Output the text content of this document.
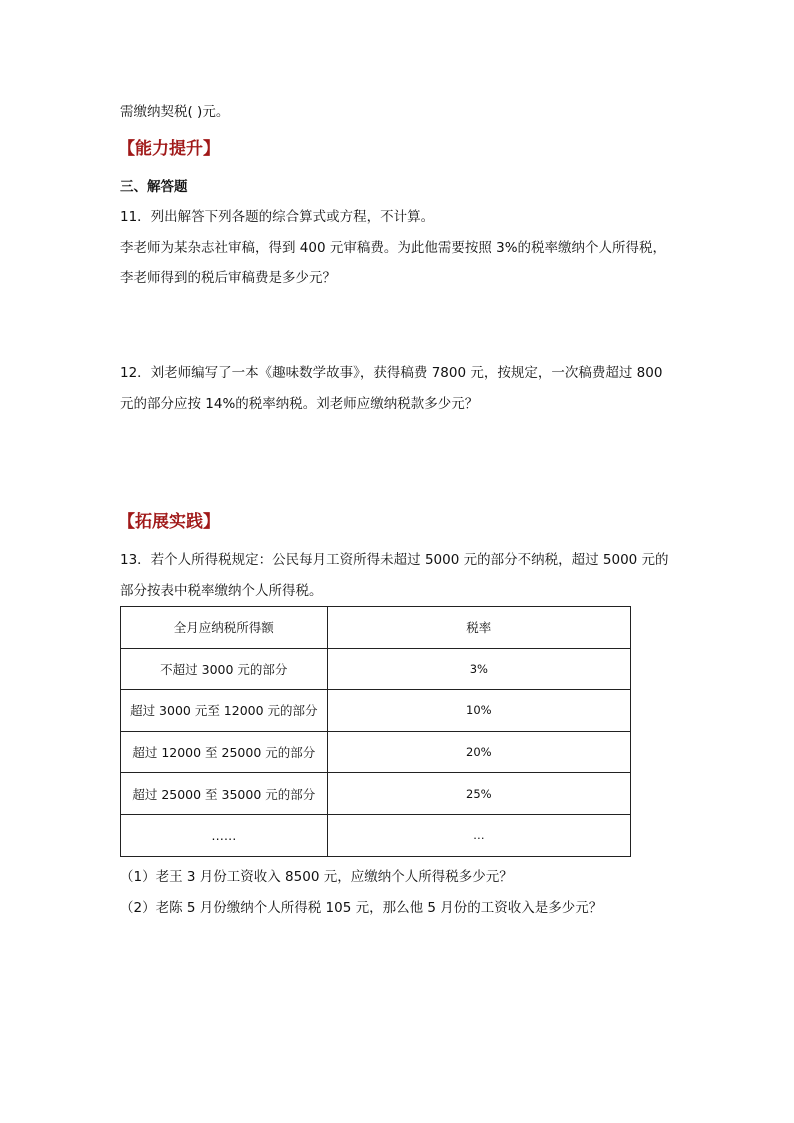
需缴纳契税( )元。
【能力提升】
三、解答题
11．列出解答下列各题的综合算式或方程，不计算。
李老师为某杂志社审稿，得到 400 元审稿费。为此他需要按照 3%的税率缴纳个人所得税，
李老师得到的税后审稿费是多少元？
12．刘老师编写了一本《趣味数学故事》，获得稿费 7800 元，按规定，一次稿费超过 800
元的部分应按 14%的税率纳税。刘老师应缴纳税款多少元？
【拓展实践】
13．若个人所得税规定：公民每月工资所得未超过 5000 元的部分不纳税，超过 5000 元的
部分按表中税率缴纳个人所得税。
全月应纳税所得额	税率
不超过 3000 元的部分	3%
超过 3000 元至 12000 元的部分	10%
超过 12000 至 25000 元的部分	20%
超过 25000 至 35000 元的部分	25%
……	…
（1）老王 3 月份工资收入 8500 元，应缴纳个人所得税多少元？
（2）老陈 5 月份缴纳个人所得税 105 元，那么他 5 月份的工资收入是多少元？
